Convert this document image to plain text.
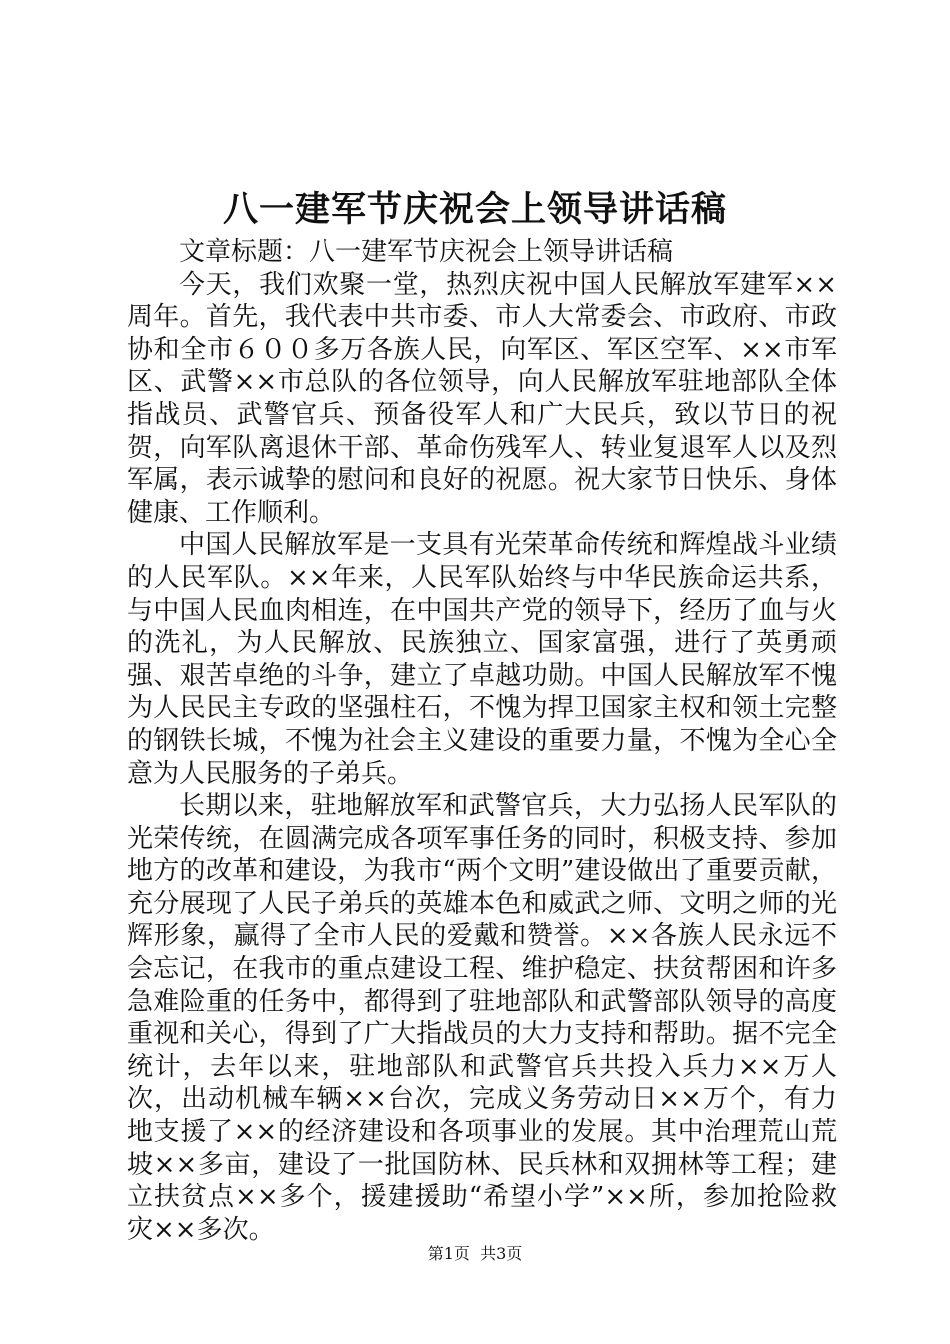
八一建军节庆祝会上领导讲话稿

文章标题：八一建军节庆祝会上领导讲话稿

今天，我们欢聚一堂，热烈庆祝中国人民解放军建军××周年。首先，我代表中共市委、市人大常委会、市政府、市政协和全市６００多万各族人民，向军区、军区空军、××市军区、武警××市总队的各位领导，向人民解放军驻地部队全体指战员、武警官兵、预备役军人和广大民兵，致以节日的祝贺，向军队离退休干部、革命伤残军人、转业复退军人以及烈军属，表示诚挚的慰问和良好的祝愿。祝大家节日快乐、身体健康、工作顺利。

中国人民解放军是一支具有光荣革命传统和辉煌战斗业绩的人民军队。××年来，人民军队始终与中华民族命运共系，与中国人民血肉相连，在中国共产党的领导下，经历了血与火的洗礼，为人民解放、民族独立、国家富强，进行了英勇顽强、艰苦卓绝的斗争，建立了卓越功勋。中国人民解放军不愧为人民民主专政的坚强柱石，不愧为捍卫国家主权和领土完整的钢铁长城，不愧为社会主义建设的重要力量，不愧为全心全意为人民服务的子弟兵。

长期以来，驻地解放军和武警官兵，大力弘扬人民军队的光荣传统，在圆满完成各项军事任务的同时，积极支持、参加地方的改革和建设，为我市“两个文明”建设做出了重要贡献，充分展现了人民子弟兵的英雄本色和威武之师、文明之师的光辉形象，赢得了全市人民的爱戴和赞誉。××各族人民永远不会忘记，在我市的重点建设工程、维护稳定、扶贫帮困和许多急难险重的任务中，都得到了驻地部队和武警部队领导的高度重视和关心，得到了广大指战员的大力支持和帮助。据不完全统计，去年以来，驻地部队和武警官兵共投入兵力××万人次，出动机械车辆××台次，完成义务劳动日××万个，有力地支援了××的经济建设和各项事业的发展。其中治理荒山荒坡××多亩，建设了一批国防林、民兵林和双拥林等工程；建立扶贫点××多个，援建援助“希望小学”××所，参加抢险救灾××多次。

第1页  共3页
